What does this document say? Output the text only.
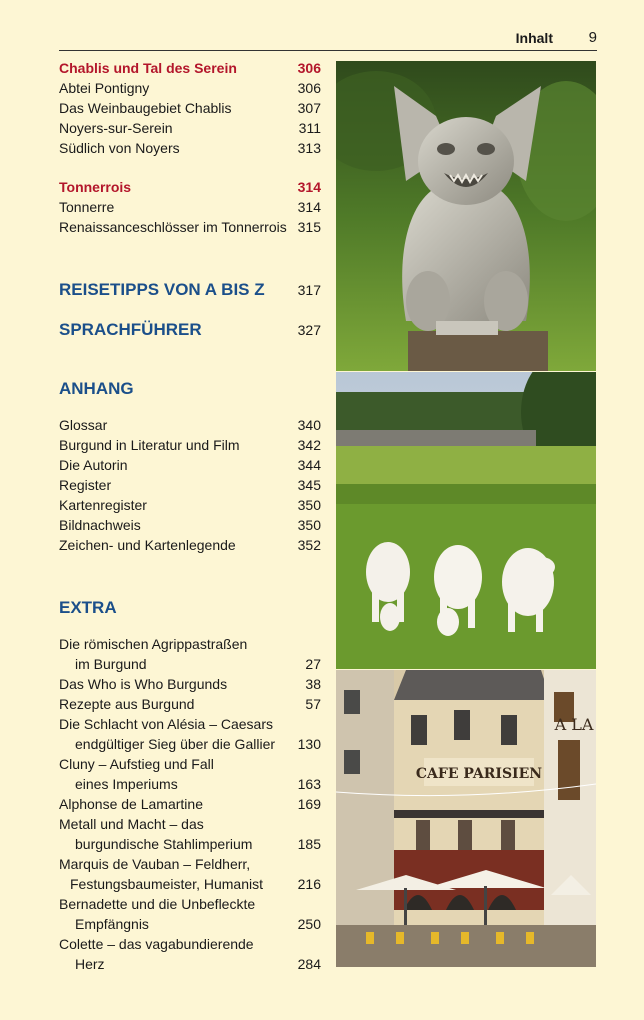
Inhalt 9
Chablis und Tal des Serein	306
Abtei Pontigny	306
Das Weinbaugebiet Chablis	307
Noyers-sur-Serein	311
Südlich von Noyers	313
Tonnerrois	314
Tonnerre	314
Renaissanceschlösser im Tonnerrois 315
REISETIPPS VON A BIS Z 317
SPRACHFÜHRER	327
ANHANG
Glossar	340
Burgund in Literatur und Film	342
Die Autorin	344
Register	345
Kartenregister	350
Bildnachweis	350
Zeichen- und Kartenlegende	352
EXTRA
Die römischen Agrippastraßen
im Burgund	27
Das Who is Who Burgunds	38
Rezepte aus Burgund	57
Die Schlacht von Alésia – Caesars
endgültiger Sieg über die Gallier 130
Cluny – Aufstieg und Fall
eines Imperiums	163
Alphonse de Lamartine	169
Metall und Macht – das
burgundische Stahlimperium	185
Marquis de Vauban – Feldherr,
Festungsbaumeister, Humanist 216
Bernadette und die Unbefleckte
Empfängnis	250
Colette – das vagabundierende
Herz	284
CAFE PARISIEN
A LA
